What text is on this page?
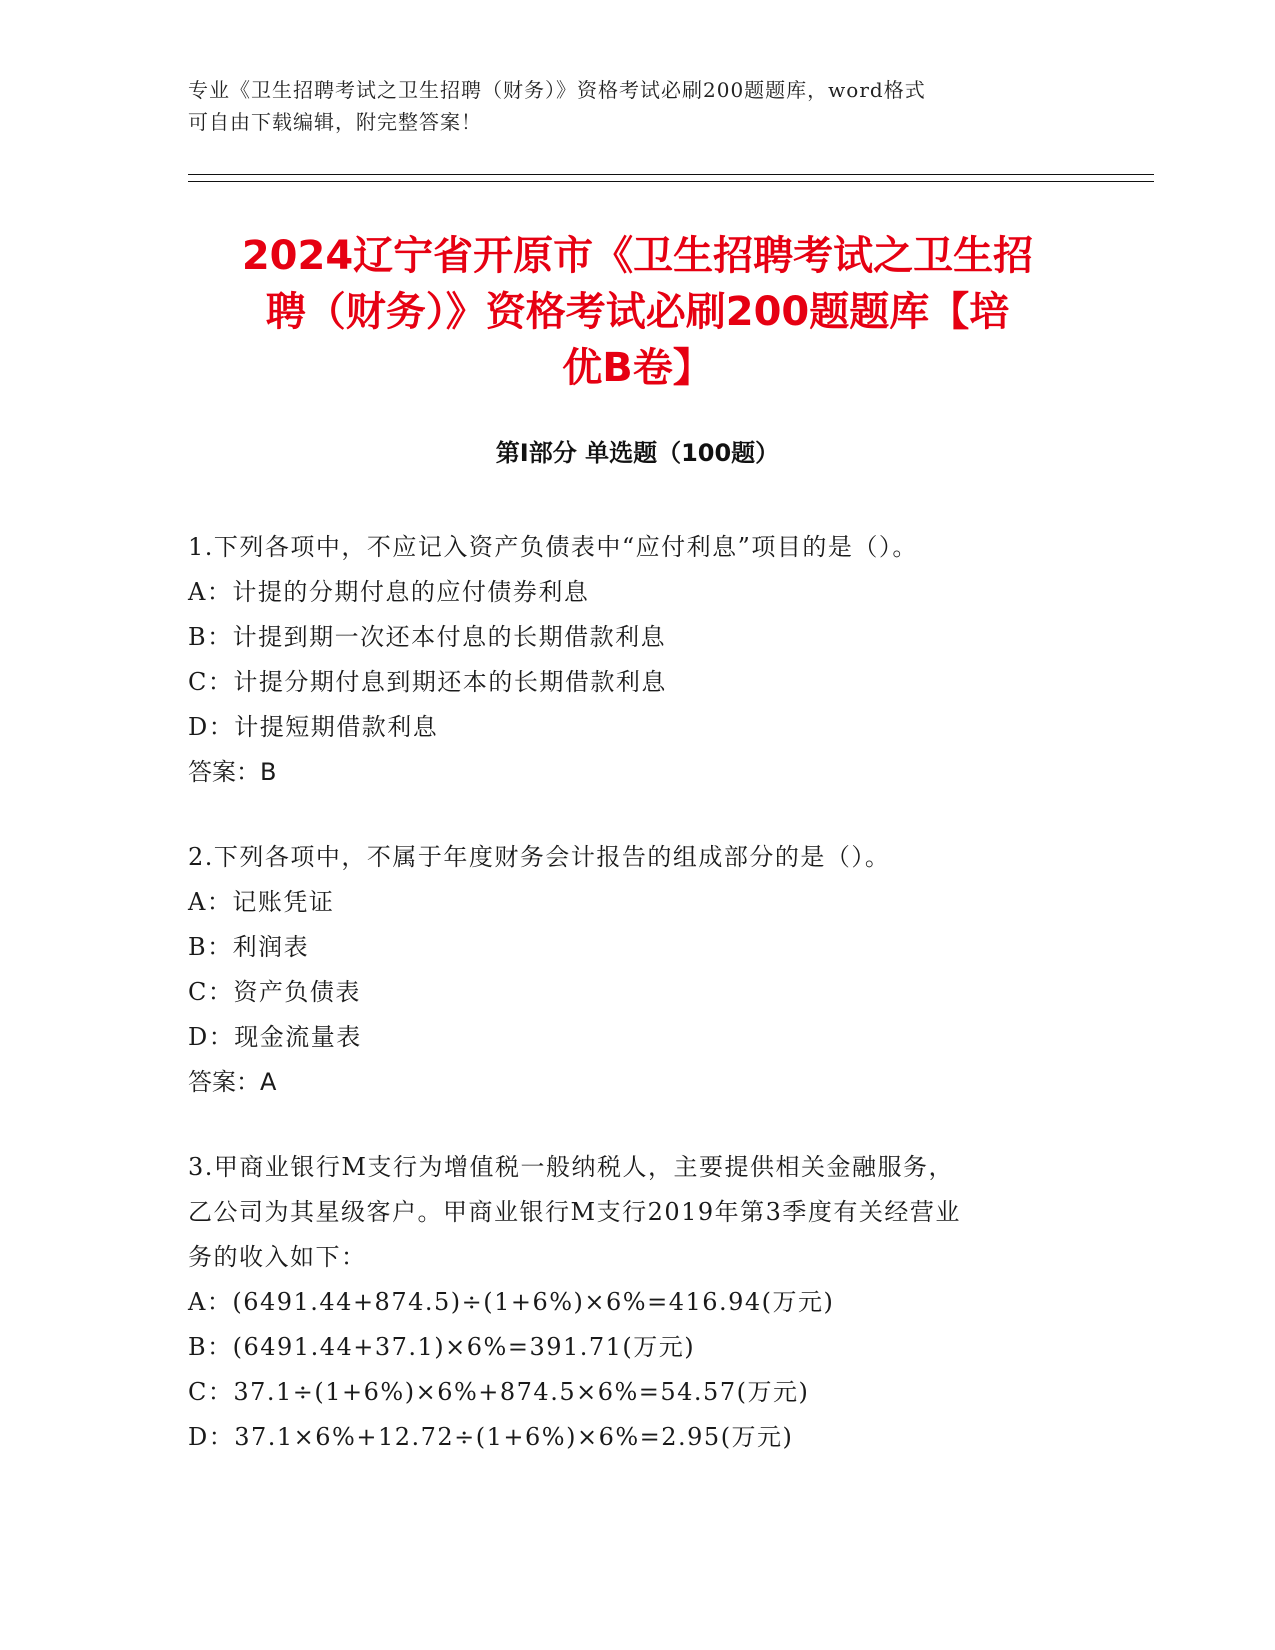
专业《卫生招聘考试之卫生招聘（财务）》资格考试必刷200题题库，word格式
可自由下载编辑，附完整答案！
2024辽宁省开原市《卫生招聘考试之卫生招
聘（财务）》资格考试必刷200题题库【培
优B卷】
第Ⅰ部分 单选题（100题）

1.下列各项中，不应记入资产负债表中“应付利息”项目的是（）。

A：计提的分期付息的应付债券利息

B：计提到期一次还本付息的长期借款利息

C：计提分期付息到期还本的长期借款利息

D：计提短期借款利息

答案：B

2.下列各项中，不属于年度财务会计报告的组成部分的是（）。

A：记账凭证

B：利润表

C：资产负债表

D：现金流量表

答案：A

3.甲商业银行M支行为增值税一般纳税人，主要提供相关金融服务，

乙公司为其星级客户。甲商业银行M支行2019年第3季度有关经营业

务的收入如下：

A：(6491.44+874.5)÷(1+6%)×6%=416.94(万元)

B：(6491.44+37.1)×6%=391.71(万元)

C：37.1÷(1+6%)×6%+874.5×6%=54.57(万元)

D：37.1×6%+12.72÷(1+6%)×6%=2.95(万元)
